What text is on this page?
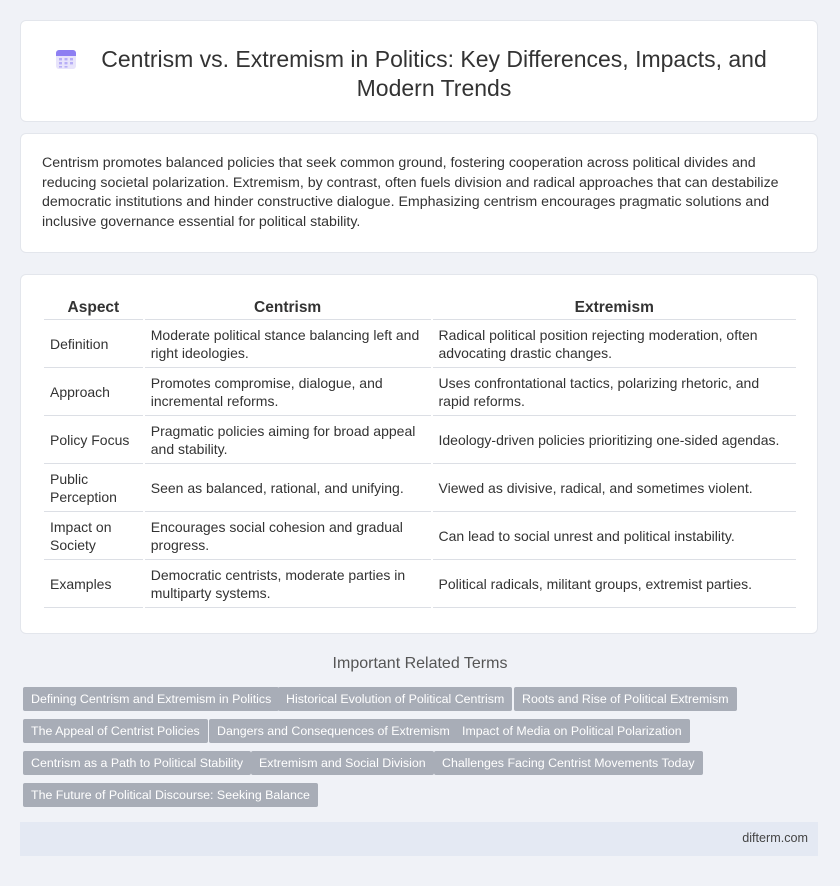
Centrism vs. Extremism in Politics: Key Differences, Impacts, and Modern Trends

Centrism promotes balanced policies that seek common ground, fostering cooperation across political divides and reducing societal polarization. Extremism, by contrast, often fuels division and radical approaches that can destabilize democratic institutions and hinder constructive dialogue. Emphasizing centrism encourages pragmatic solutions and inclusive governance essential for political stability.

Aspect	Centrism	Extremism
Definition	Moderate political stance balancing left and right ideologies.	Radical political position rejecting moderation, often advocating drastic changes.
Approach	Promotes compromise, dialogue, and incremental reforms.	Uses confrontational tactics, polarizing rhetoric, and rapid reforms.
Policy Focus	Pragmatic policies aiming for broad appeal and stability.	Ideology-driven policies prioritizing one-sided agendas.
Public Perception	Seen as balanced, rational, and unifying.	Viewed as divisive, radical, and sometimes violent.
Impact on Society	Encourages social cohesion and gradual progress.	Can lead to social unrest and political instability.
Examples	Democratic centrists, moderate parties in multiparty systems.	Political radicals, militant groups, extremist parties.
Important Related Terms
Defining Centrism and Extremism in Politics	Historical Evolution of Political Centrism	Roots and Rise of Political Extremism
The Appeal of Centrist Policies	Dangers and Consequences of Extremism Impact of Media on Political Polarization
Centrism as a Path to Political Stability	Extremism and Social Division	Challenges Facing Centrist Movements Today
The Future of Political Discourse: Seeking Balance
difterm.com
